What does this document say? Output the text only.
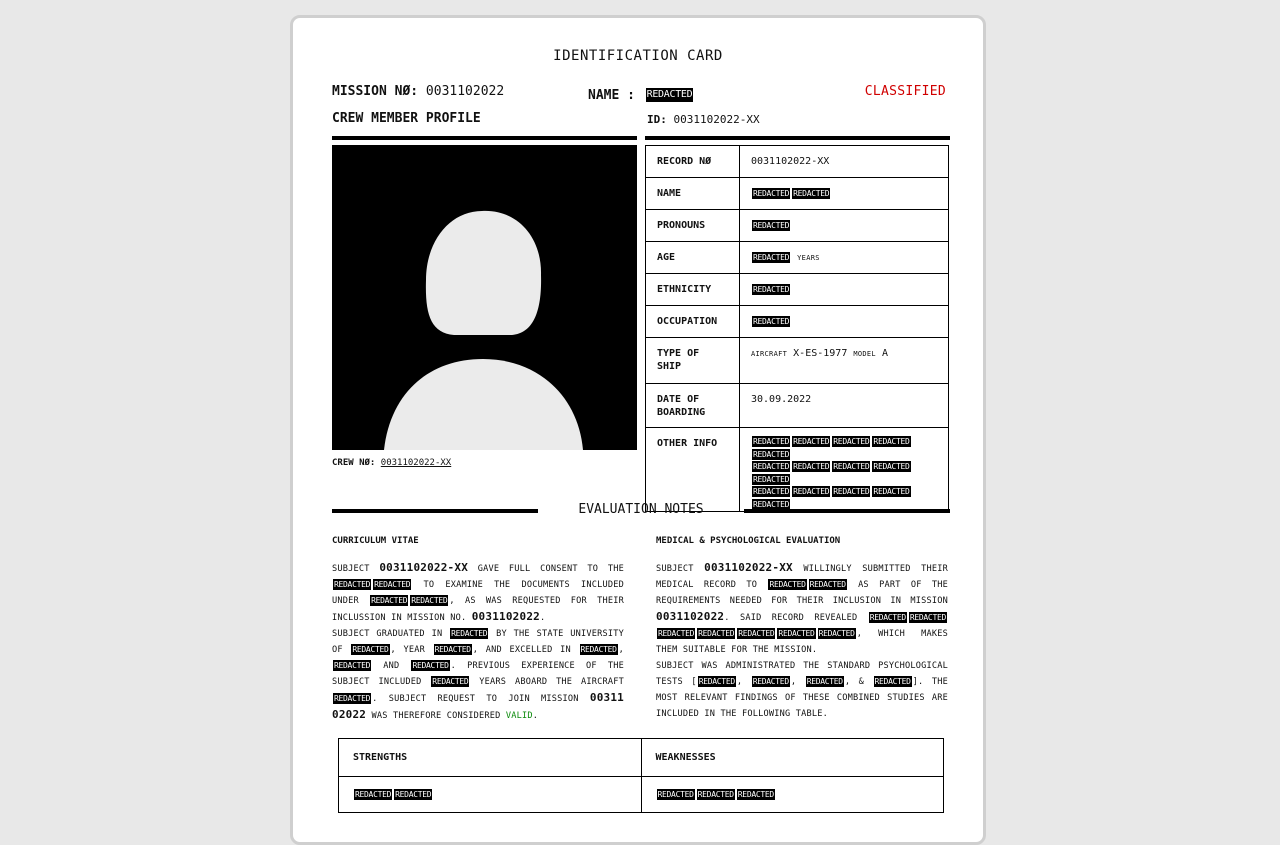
IDENTIFICATION CARD
MISSION NØ: 0031102022	NAME : REDACTED	CLASSIFIED
CREW MEMBER PROFILE	ID: 0031102022-XX
CREW NØ: 0031102022-XX
RECORD NØ	0031102022-XX
NAME	REDACTED REDACTED
PRONOUNS	REDACTED
AGE	REDACTED YEARS
ETHNICITY	REDACTED
OCCUPATION	REDACTED
TYPE OF SHIP	AIRCRAFT X-ES-1977 MODEL A
DATE OF BOARDING	30.09.2022
OTHER INFO	REDACTED REDACTED REDACTED REDACTEDREDACTED
REDACTED REDACTED REDACTED REDACTEDREDACTED
REDACTED REDACTED REDACTED REDACTEDREDACTED
EVALUATION NOTES
CURRICULUM VITAE
SUBJECT 0031102022-XX GAVE FULL CONSENT TO THE REDACTED REDACTED TO EXAMINE THE DOCUMENTS INCLUDED UNDER REDACTED REDACTED , AS WAS REQUESTED FOR THEIR INCLUSSION IN MISSION NO. 0031102022.
SUBJECT GRADUATED IN REDACTED BY THE STATE UNIVERSITY OF REDACTED , YEAR REDACTED , AND EXCELLED IN REDACTED , REDACTED AND REDACTED . PREVIOUS EXPERIENCE OF THE SUBJECT INCLUDED REDACTED YEARS ABOARD THE AIRCRAFT REDACTED . SUBJECT REQUEST TO JOIN MISSION 00311 02022 WAS THEREFORE CONSIDERED VALID.
MEDICAL & PSYCHOLOGICAL EVALUATION
SUBJECT 0031102022-XX WILLINGLY SUBMITTED THEIR MEDICAL RECORD TO REDACTED REDACTED AS PART OF THE REQUIREMENTS NEEDED FOR THEIR INCLUSION IN MISSION 0031102022. SAID RECORD REVEALED REDACTED REDACTED REDACTED REDACTED REDACTED REDACTED REDACTED , WHICH MAKES THEM SUITABLE FOR THE MISSION.
SUBJECT WAS ADMINISTRATED THE STANDARD PSYCHOLOGICAL TESTS [ REDACTED , REDACTED , REDACTED , & REDACTED ]. THE MOST RELEVANT FINDINGS OF THESE COMBINED STUDIES ARE INCLUDED IN THE FOLLOWING TABLE.
STRENGTHS	WEAKNESSES
REDACTED REDACTED	REDACTED REDACTED REDACTED
